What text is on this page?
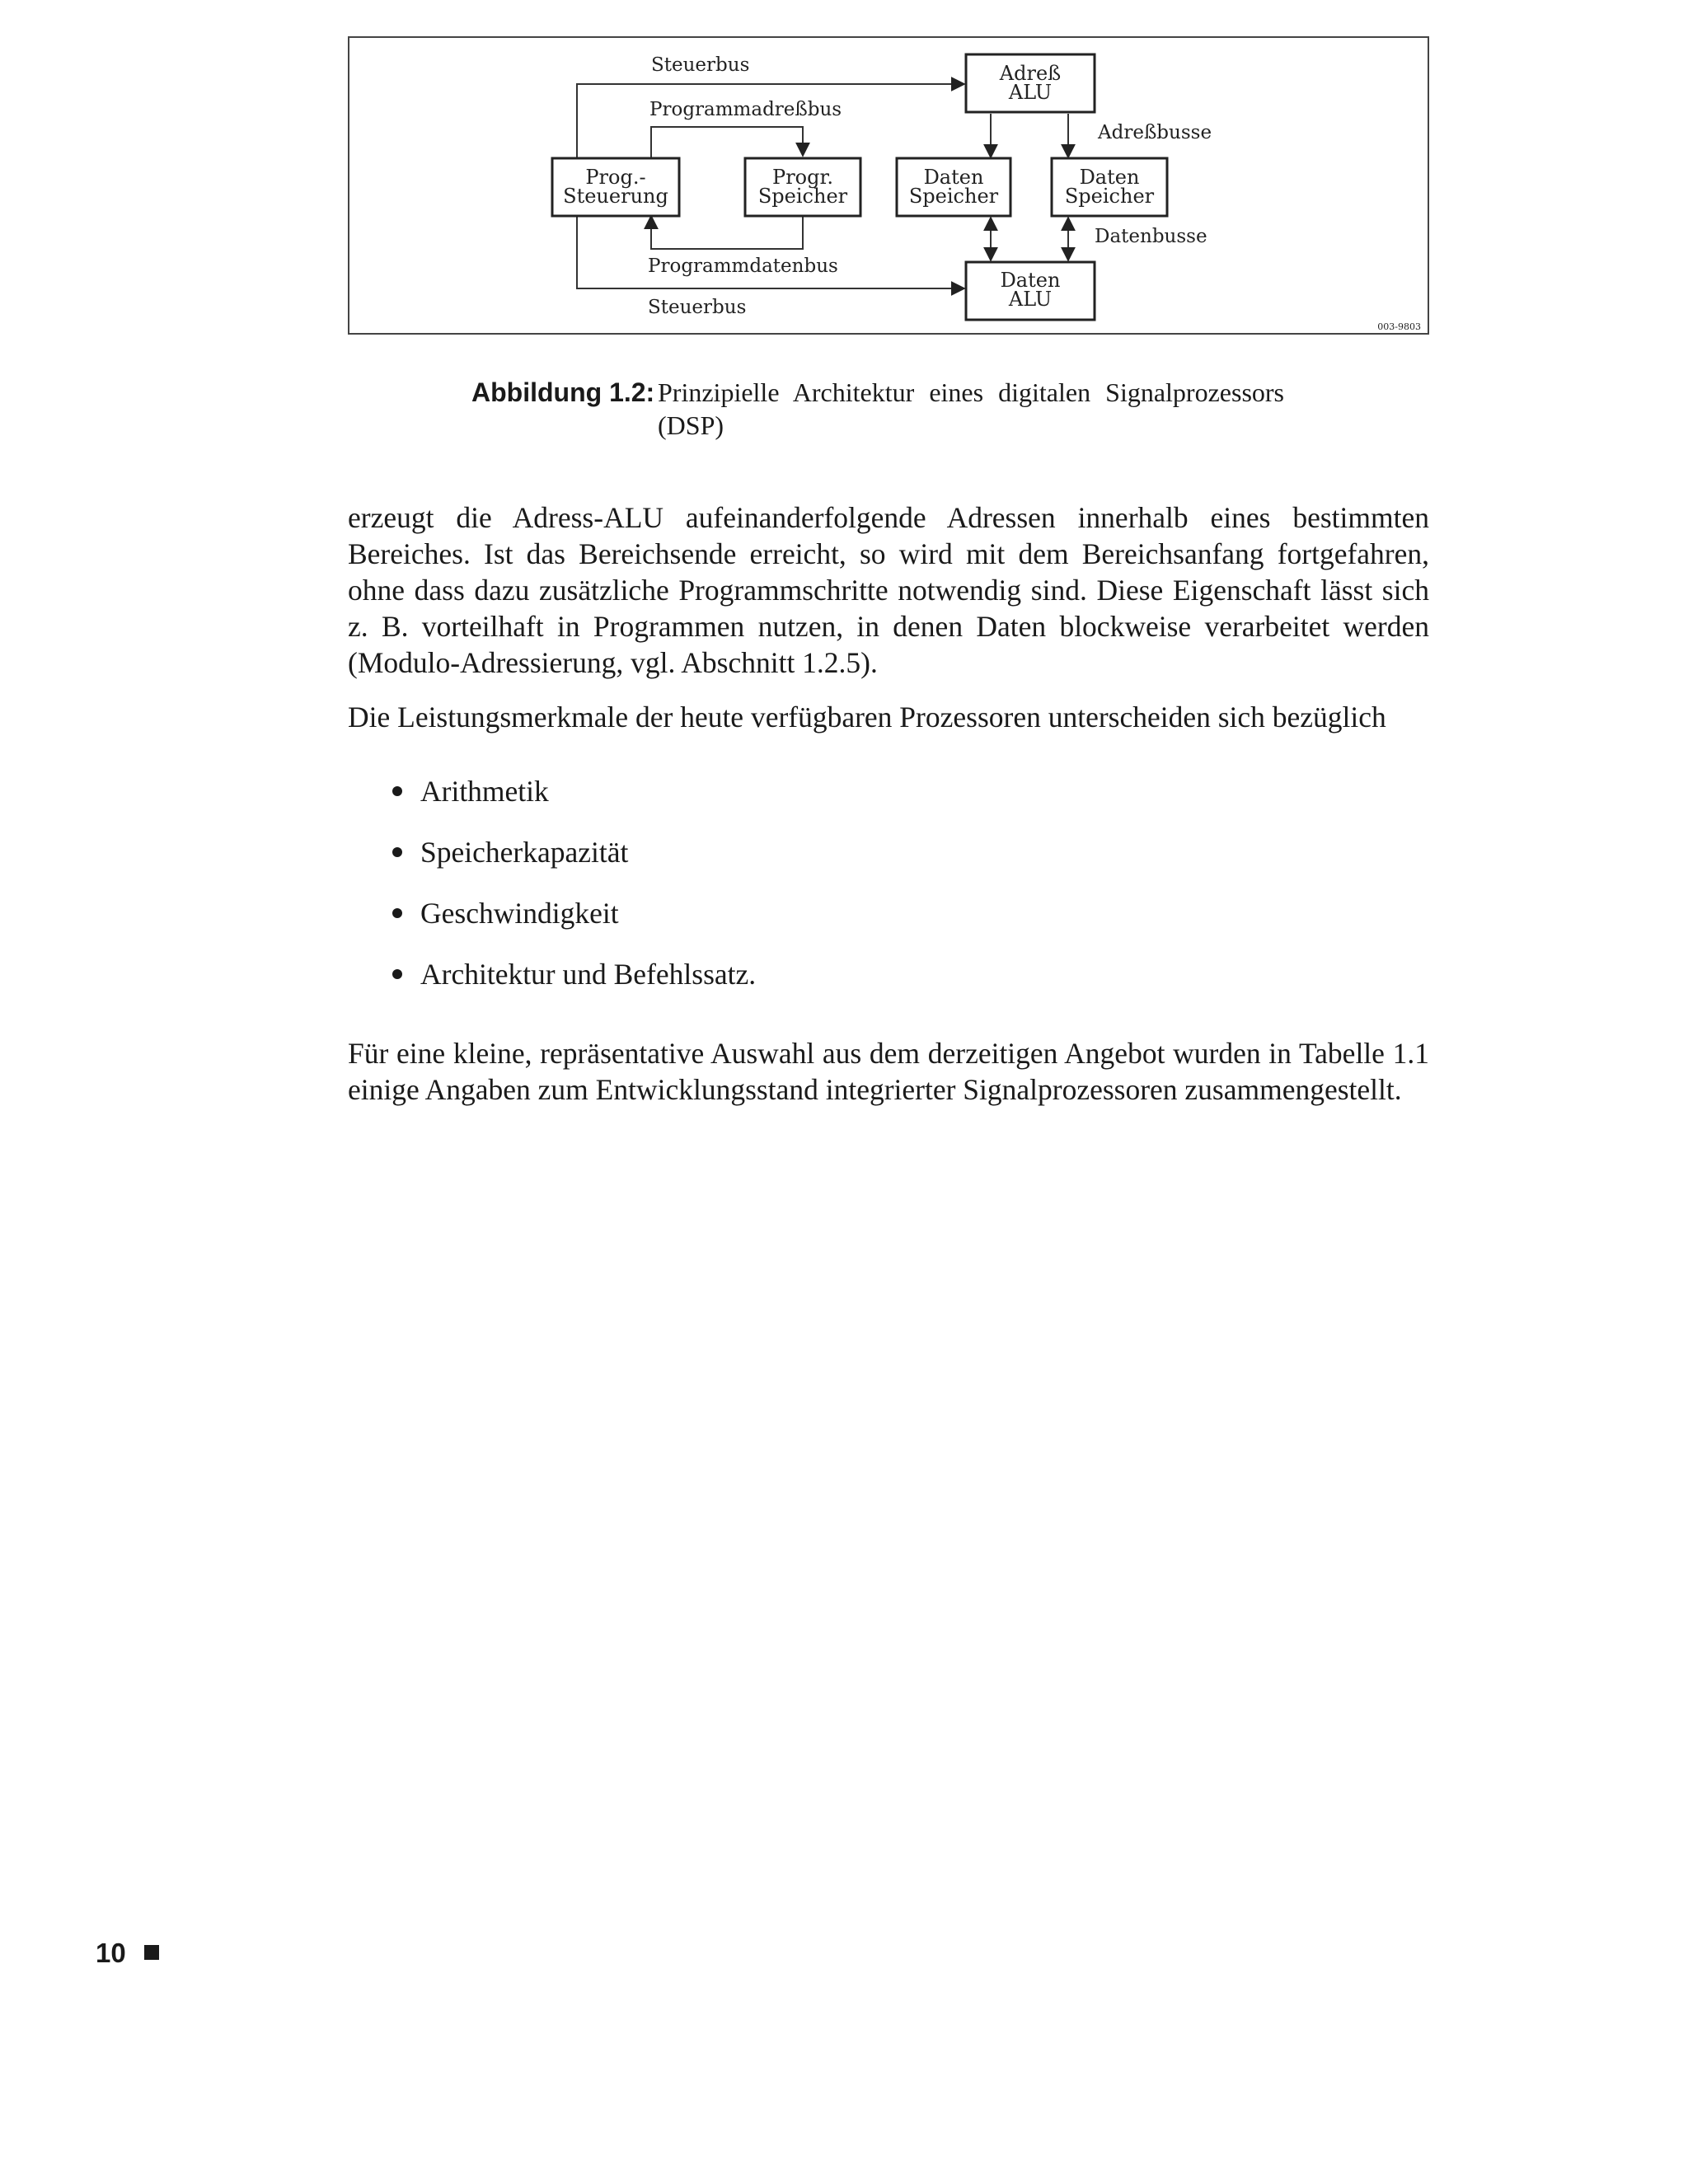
Adreß
ALU
Prog.-
Steuerung
Progr.
Speicher
Daten
Speicher
Daten
Speicher
Daten
ALU
Steuerbus
Programmadreßbus
Adreßbusse
Datenbusse
Programmdatenbus
Steuerbus
003-9803
Abbildung 1.2: Prinzipielle Architektur eines digitalen Signalprozessors (DSP)
erzeugt die Adress-ALU aufeinanderfolgende Adressen innerhalb eines bestimmten Bereiches. Ist das Bereichsende erreicht, so wird mit dem Bereichsanfang fortgefahren, ohne dass dazu zusätzliche Programmschritte notwendig sind. Diese Eigenschaft lässt sich z. B. vorteilhaft in Programmen nutzen, in denen Daten blockweise verarbeitet werden (Modulo-Adressierung, vgl. Abschnitt 1.2.5).
Die Leistungsmerkmale der heute verfügbaren Prozessoren unterscheiden sich bezüglich
Arithmetik
Speicherkapazität
Geschwindigkeit
Architektur und Befehlssatz.
Für eine kleine, repräsentative Auswahl aus dem derzeitigen Angebot wurden in Tabelle 1.1 einige Angaben zum Entwicklungsstand integrierter Signalprozessoren zusammengestellt.
10
